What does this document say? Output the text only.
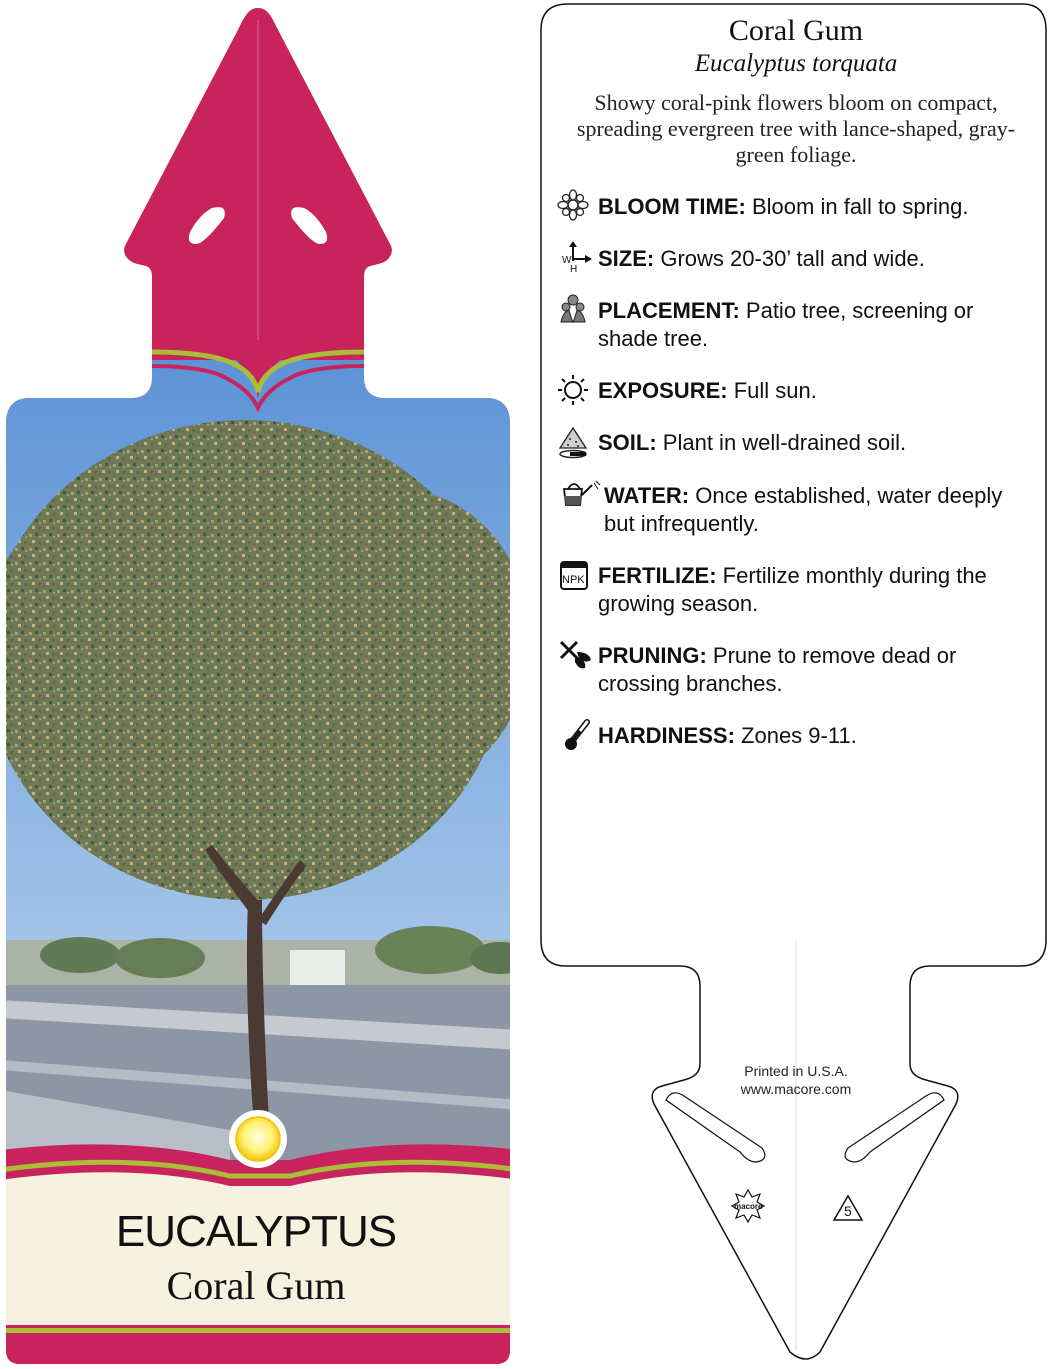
W
H
NPK
macore	5
Coral Gum
Eucalyptus torquata
Showy coral-pink flowers bloom on compact, spreading evergreen tree with lance-shaped, gray-green foliage.
BLOOM TIME: Bloom in fall to spring.
SIZE: Grows 20-30’ tall and wide.
PLACEMENT: Patio tree, screening or shade tree.
EXPOSURE: Full sun.
SOIL: Plant in well-drained soil.
WATER: Once established, water deeply but infrequently.
FERTILIZE: Fertilize monthly during the growing season.
PRUNING: Prune to remove dead or crossing branches.
HARDINESS: Zones 9-11.
Printed in U.S.A.
www.macore.com
EUCALYPTUS
Coral Gum
